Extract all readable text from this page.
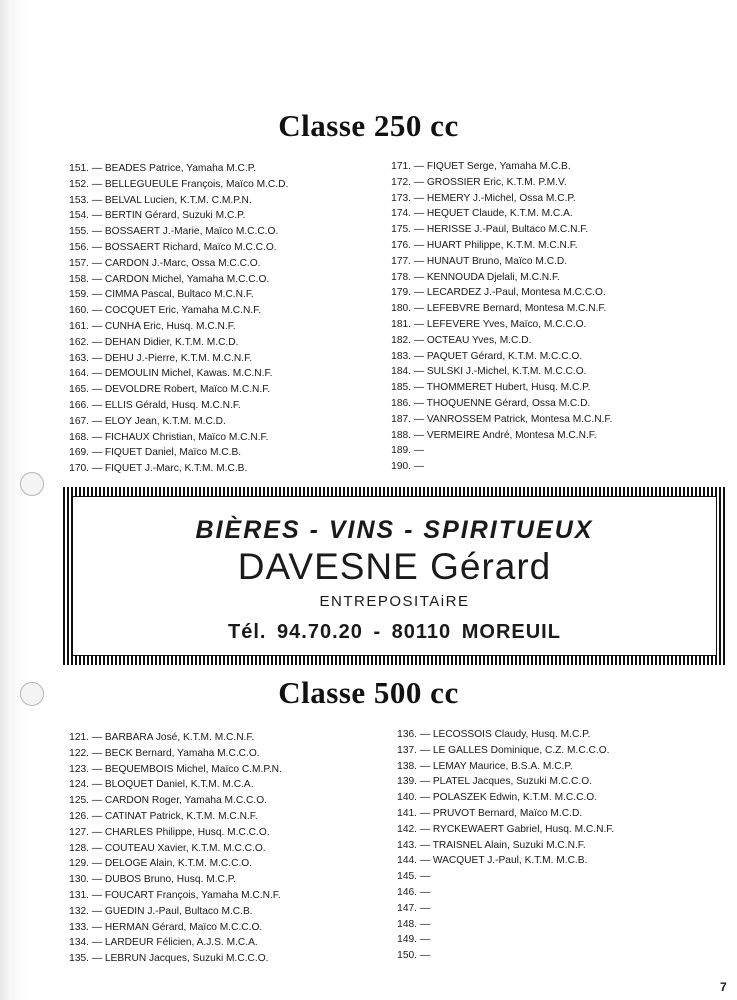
Classe 250 cc
151. — BEADES Patrice, Yamaha M.C.P.
152. — BELLEGUEULE François, Maïco M.C.D.
153. — BELVAL Lucien, K.T.M. C.M.P.N.
154. — BERTIN Gérard, Suzuki M.C.P.
155. — BOSSAERT J.-Marie, Maïco M.C.C.O.
156. — BOSSAERT Richard, Maïco M.C.C.O.
157. — CARDON J.-Marc, Ossa M.C.C.O.
158. — CARDON Michel, Yamaha M.C.C.O.
159. — CIMMA Pascal, Bultaco M.C.N.F.
160. — COCQUET Eric, Yamaha M.C.N.F.
161. — CUNHA Eric, Husq. M.C.N.F.
162. — DEHAN Didier, K.T.M. M.C.D.
163. — DEHU J.-Pierre, K.T.M. M.C.N.F.
164. — DEMOULIN Michel, Kawas. M.C.N.F.
165. — DEVOLDRE Robert, Maïco M.C.N.F.
166. — ELLIS Gérald, Husq. M.C.N.F.
167. — ELOY Jean, K.T.M. M.C.D.
168. — FICHAUX Christian, Maïco M.C.N.F.
169. — FIQUET Daniel, Maïco M.C.B.
170. — FIQUET J.-Marc, K.T.M. M.C.B.
171. — FIQUET Serge, Yamaha M.C.B.
172. — GROSSIER Eric, K.T.M. P.M.V.
173. — HEMERY J.-Michel, Ossa M.C.P.
174. — HEQUET Claude, K.T.M. M.C.A.
175. — HERISSE J.-Paul, Bultaco M.C.N.F.
176. — HUART Philippe, K.T.M. M.C.N.F.
177. — HUNAUT Bruno, Maïco M.C.D.
178. — KENNOUDA Djelali, M.C.N.F.
179. — LECARDEZ J.-Paul, Montesa M.C.C.O.
180. — LEFEBVRE Bernard, Montesa M.C.N.F.
181. — LEFEVERE Yves, Maïco, M.C.C.O.
182. — OCTEAU Yves, M.C.D.
183. — PAQUET Gérard, K.T.M. M.C.C.O.
184. — SULSKI J.-Michel, K.T.M. M.C.C.O.
185. — THOMMERET Hubert, Husq. M.C.P.
186. — THOQUENNE Gérard, Ossa M.C.D.
187. — VANROSSEM Patrick, Montesa M.C.N.F.
188. — VERMEIRE André, Montesa M.C.N.F.
189. —
190. —
BIÈRES - VINS - SPIRITUEUX
DAVESNE Gérard
ENTREPOSITAiRE
Tél. 94.70.20 - 80110 MOREUIL
Classe 500 cc
121. — BARBARA José, K.T.M. M.C.N.F.
122. — BECK Bernard, Yamaha M.C.C.O.
123. — BEQUEMBOIS Michel, Maïco C.M.P.N.
124. — BLOQUET Daniel, K.T.M. M.C.A.
125. — CARDON Roger, Yamaha M.C.C.O.
126. — CATINAT Patrick, K.T.M. M.C.N.F.
127. — CHARLES Philippe, Husq. M.C.C.O.
128. — COUTEAU Xavier, K.T.M. M.C.C.O.
129. — DELOGE Alain, K.T.M. M.C.C.O.
130. — DUBOS Bruno, Husq. M.C.P.
131. — FOUCART François, Yamaha M.C.N.F.
132. — GUEDIN J.-Paul, Bultaco M.C.B.
133. — HERMAN Gérard, Maïco M.C.C.O.
134. — LARDEUR Félicien, A.J.S. M.C.A.
135. — LEBRUN Jacques, Suzuki M.C.C.O.
136. — LECOSSOIS Claudy, Husq. M.C.P.
137. — LE GALLES Dominique, C.Z. M.C.C.O.
138. — LEMAY Maurice, B.S.A. M.C.P.
139. — PLATEL Jacques, Suzuki M.C.C.O.
140. — POLASZEK Edwin, K.T.M. M.C.C.O.
141. — PRUVOT Bernard, Maïco M.C.D.
142. — RYCKEWAERT Gabriel, Husq. M.C.N.F.
143. — TRAISNEL Alain, Suzuki M.C.N.F.
144. — WACQUET J.-Paul, K.T.M. M.C.B.
145. —
146. —
147. —
148. —
149. —
150. —
7
